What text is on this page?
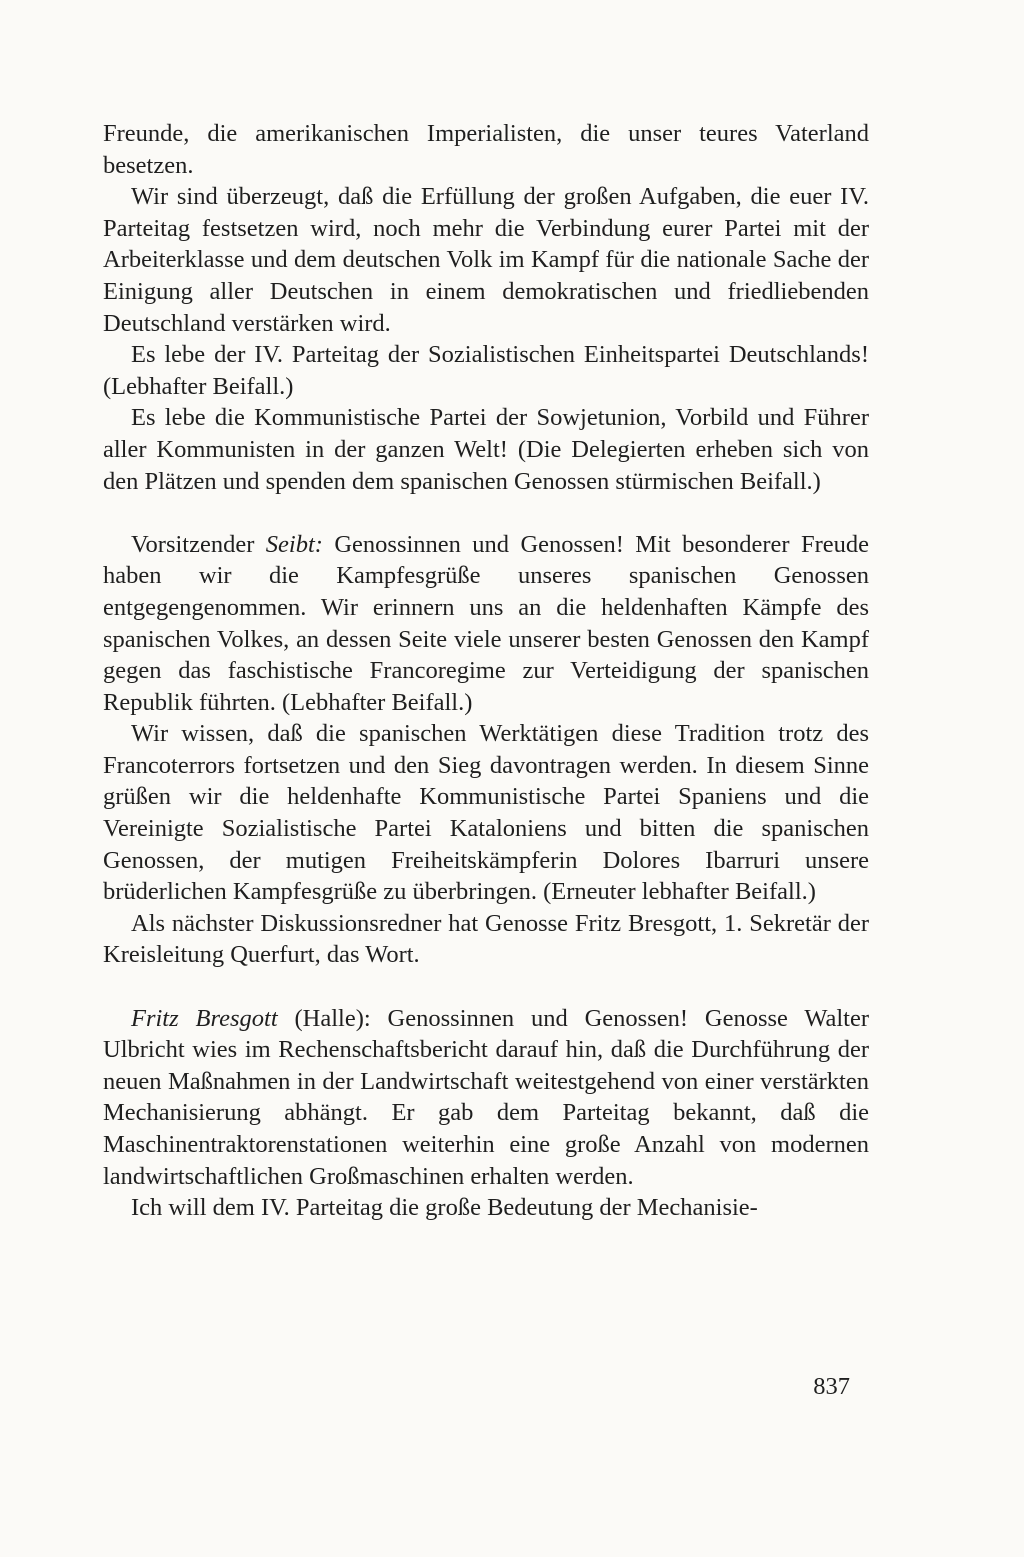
Freunde, die amerikanischen Imperialisten, die unser teures Vaterland besetzen.

Wir sind überzeugt, daß die Erfüllung der großen Aufgaben, die euer IV. Parteitag festsetzen wird, noch mehr die Verbindung eurer Partei mit der Arbeiterklasse und dem deutschen Volk im Kampf für die nationale Sache der Einigung aller Deutschen in einem demokratischen und friedliebenden Deutschland verstärken wird.

Es lebe der IV. Parteitag der Sozialistischen Einheitspartei Deutschlands! (Lebhafter Beifall.)

Es lebe die Kommunistische Partei der Sowjetunion, Vorbild und Führer aller Kommunisten in der ganzen Welt! (Die Delegierten erheben sich von den Plätzen und spenden dem spanischen Genossen stürmischen Beifall.)

Vorsitzender Seibt: Genossinnen und Genossen! Mit besonderer Freude haben wir die Kampfesgrüße unseres spanischen Genossen entgegengenommen. Wir erinnern uns an die heldenhaften Kämpfe des spanischen Volkes, an dessen Seite viele unserer besten Genossen den Kampf gegen das faschistische Francoregime zur Verteidigung der spanischen Republik führten. (Lebhafter Beifall.)

Wir wissen, daß die spanischen Werktätigen diese Tradition trotz des Francoterrors fortsetzen und den Sieg davontragen werden. In diesem Sinne grüßen wir die heldenhafte Kommunistische Partei Spaniens und die Vereinigte Sozialistische Partei Kataloniens und bitten die spanischen Genossen, der mutigen Freiheitskämpferin Dolores Ibarruri unsere brüderlichen Kampfesgrüße zu überbringen. (Erneuter lebhafter Beifall.)

Als nächster Diskussionsredner hat Genosse Fritz Bresgott, 1. Sekretär der Kreisleitung Querfurt, das Wort.

Fritz Bresgott (Halle): Genossinnen und Genossen! Genosse Walter Ulbricht wies im Rechenschaftsbericht darauf hin, daß die Durchführung der neuen Maßnahmen in der Landwirtschaft weitestgehend von einer verstärkten Mechanisierung abhängt. Er gab dem Parteitag bekannt, daß die Maschinentraktorenstationen weiterhin eine große Anzahl von modernen landwirtschaftlichen Großmaschinen erhalten werden.

Ich will dem IV. Parteitag die große Bedeutung der Mechanisie-

837
